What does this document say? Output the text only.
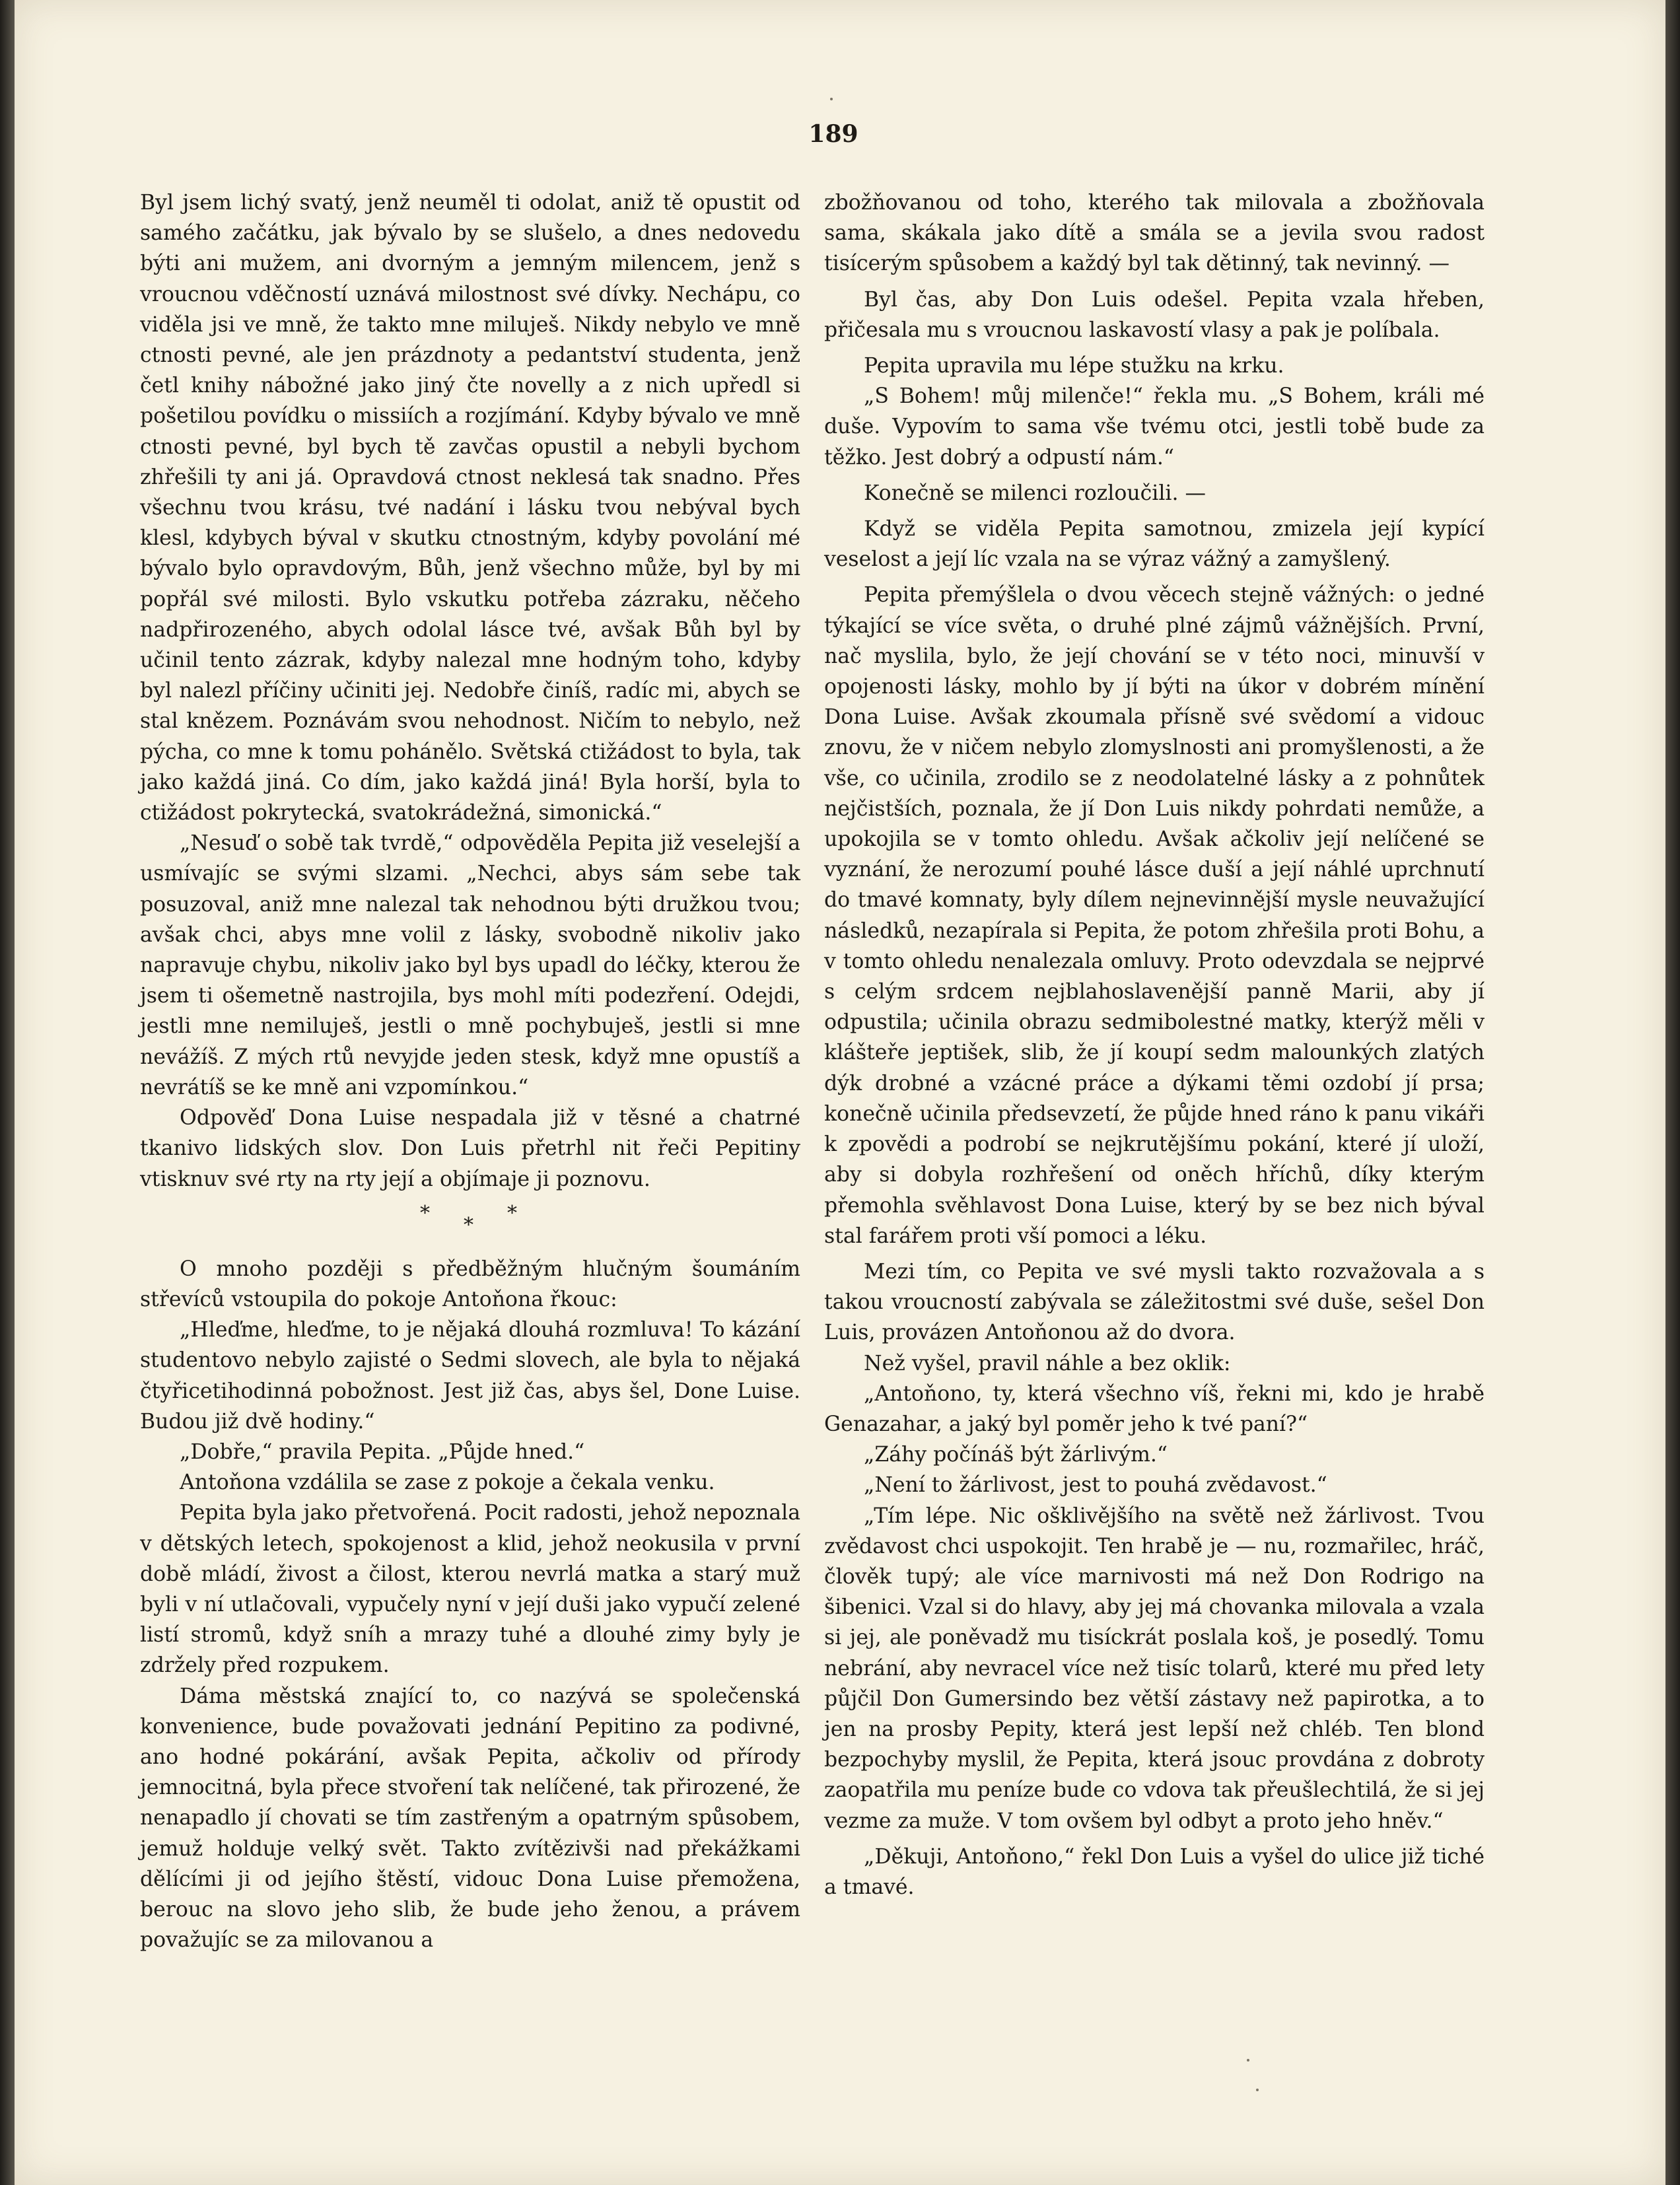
189

Byl jsem lichý svatý, jenž neuměl ti odolat, aniž tě opustit od samého začátku, jak bývalo by se slušelo, a dnes nedovedu býti ani mužem, ani dvorným a jemným milencem, jenž s vroucnou vděčností uznává milostnost své dívky. Nechápu, co viděla jsi ve mně, že takto mne miluješ. Nikdy nebylo ve mně ctnosti pevné, ale jen prázdnoty a pedantství studenta, jenž četl knihy nábožné jako jiný čte novelly a z nich upředl si pošetilou povídku o missiích a rozjímání. Kdyby bývalo ve mně ctnosti pevné, byl bych tě zavčas opustil a nebyli bychom zhřešili ty ani já. Opravdová ctnost neklesá tak snadno. Přes všechnu tvou krásu, tvé nadání i lásku tvou nebýval bych klesl, kdybych býval v skutku ctnostným, kdyby povolání mé bývalo bylo opravdovým, Bůh, jenž všechno může, byl by mi popřál své milosti. Bylo vskutku potřeba zázraku, něčeho nadpřirozeného, abych odolal lásce tvé, avšak Bůh byl by učinil tento zázrak, kdyby nalezal mne hodným toho, kdyby byl nalezl příčiny učiniti jej. Nedobře činíš, radíc mi, abych se stal knězem. Poznávám svou nehodnost. Ničím to nebylo, než pýcha, co mne k tomu pohánělo. Světská ctižádost to byla, tak jako každá jiná. Co dím, jako každá jiná! Byla horší, byla to ctižádost pokrytecká, svatokrádežná, simonická.“

„Nesuď o sobě tak tvrdě,“ odpověděla Pepita již veselejší a usmívajíc se svými slzami. „Nechci, abys sám sebe tak posuzoval, aniž mne nalezal tak nehodnou býti družkou tvou; avšak chci, abys mne volil z lásky, svobodně nikoliv jako napravuje chybu, nikoliv jako byl bys upadl do léčky, kterou že jsem ti ošemetně nastrojila, bys mohl míti podezření. Odejdi, jestli mne nemiluješ, jestli o mně pochybuješ, jestli si mne nevážíš. Z mých rtů nevyjde jeden stesk, když mne opustíš a nevrátíš se ke mně ani vzpomínkou.“

Odpověď Dona Luise nespadala již v těsné a chatrné tkanivo lidských slov. Don Luis přetrhl nit řeči Pepitiny vtisknuv své rty na rty její a objímaje ji poznovu.

*
*
*

O mnoho později s předběžným hlučným šoumáním střevíců vstoupila do pokoje Antoňona řkouc:

„Hleďme, hleďme, to je nějaká dlouhá rozmluva! To kázání studentovo nebylo zajisté o Sedmi slovech, ale byla to nějaká čtyřicetihodinná pobožnost. Jest již čas, abys šel, Done Luise. Budou již dvě hodiny.“

„Dobře,“ pravila Pepita. „Půjde hned.“

Antoňona vzdálila se zase z pokoje a čekala venku.

Pepita byla jako přetvořená. Pocit radosti, jehož nepoznala v dětských letech, spokojenost a klid, jehož neokusila v první době mládí, živost a čilost, kterou nevrlá matka a starý muž byli v ní utlačovali, vypučely nyní v její duši jako vypučí zelené listí stromů, když sníh a mrazy tuhé a dlouhé zimy byly je zdržely před rozpukem.

Dáma městská znající to, co nazývá se společenská konvenience, bude považovati jednání Pepitino za podivné, ano hodné pokárání, avšak Pepita, ačkoliv od přírody jemnocitná, byla přece stvoření tak nelíčené, tak přirozené, že nenapadlo jí chovati se tím zastřeným a opatrným spůsobem, jemuž holduje velký svět. Takto zvítězivši nad překážkami dělícími ji od jejího štěstí, vidouc Dona Luise přemožena, berouc na slovo jeho slib, že bude jeho ženou, a právem považujíc se za milovanou a

zbožňovanou od toho, kterého tak milovala a zbožňovala sama, skákala jako dítě a smála se a jevila svou radost tisícerým spůsobem a každý byl tak dětinný, tak nevinný. —

Byl čas, aby Don Luis odešel. Pepita vzala hřeben, přičesala mu s vroucnou laskavostí vlasy a pak je políbala.

Pepita upravila mu lépe stužku na krku.

„S Bohem! můj milenče!“ řekla mu. „S Bohem, králi mé duše. Vypovím to sama vše tvému otci, jestli tobě bude za těžko. Jest dobrý a odpustí nám.“

Konečně se milenci rozloučili. —

Když se viděla Pepita samotnou, zmizela její kypící veselost a její líc vzala na se výraz vážný a zamyšlený.

Pepita přemýšlela o dvou věcech stejně vážných: o jedné týkající se více světa, o druhé plné zájmů vážnějších. První, nač myslila, bylo, že její chování se v této noci, minuvší v opojenosti lásky, mohlo by jí býti na úkor v dobrém mínění Dona Luise. Avšak zkoumala přísně své svědomí a vidouc znovu, že v ničem nebylo zlomyslnosti ani promyšlenosti, a že vše, co učinila, zrodilo se z neodolatelné lásky a z pohnůtek nejčistších, poznala, že jí Don Luis nikdy pohrdati nemůže, a upokojila se v tomto ohledu. Avšak ačkoliv její nelíčené se vyznání, že nerozumí pouhé lásce duší a její náhlé uprchnutí do tmavé komnaty, byly dílem nejnevinnější mysle neuvažující následků, nezapírala si Pepita, že potom zhřešila proti Bohu, a v tomto ohledu nenalezala omluvy. Proto odevzdala se nejprvé s celým srdcem nejblahoslavenější panně Marii, aby jí odpustila; učinila obrazu sedmibolestné matky, kterýž měli v klášteře jeptišek, slib, že jí koupí sedm malounkých zlatých dýk drobné a vzácné práce a dýkami těmi ozdobí jí prsa; konečně učinila předsevzetí, že půjde hned ráno k panu vikáři k zpovědi a podrobí se nejkrutějšímu pokání, které jí uloží, aby si dobyla rozhřešení od oněch hříchů, díky kterým přemohla svěhlavost Dona Luise, který by se bez nich býval stal farářem proti vší pomoci a léku.

Mezi tím, co Pepita ve své mysli takto rozvažovala a s takou vroucností zabývala se záležitostmi své duše, sešel Don Luis, provázen Antoňonou až do dvora.

Než vyšel, pravil náhle a bez oklik:

„Antoňono, ty, která všechno víš, řekni mi, kdo je hrabě Genazahar, a jaký byl poměr jeho k tvé paní?“

„Záhy počínáš být žárlivým.“

„Není to žárlivost, jest to pouhá zvědavost.“

„Tím lépe. Nic ošklivějšího na světě než žárlivost. Tvou zvědavost chci uspokojit. Ten hrabě je — nu, rozmařilec, hráč, člověk tupý; ale více marnivosti má než Don Rodrigo na šibenici. Vzal si do hlavy, aby jej má chovanka milovala a vzala si jej, ale poněvadž mu tisíckrát poslala koš, je posedlý. Tomu nebrání, aby nevracel více než tisíc tolarů, které mu před lety půjčil Don Gumersindo bez větší zástavy než papirotka, a to jen na prosby Pepity, která jest lepší než chléb. Ten blond bezpochyby myslil, že Pepita, která jsouc provdána z dobroty zaopatřila mu peníze bude co vdova tak přeušlechtilá, že si jej vezme za muže. V tom ovšem byl odbyt a proto jeho hněv.“

„Děkuji, Antoňono,“ řekl Don Luis a vyšel do ulice již tiché a tmavé.
